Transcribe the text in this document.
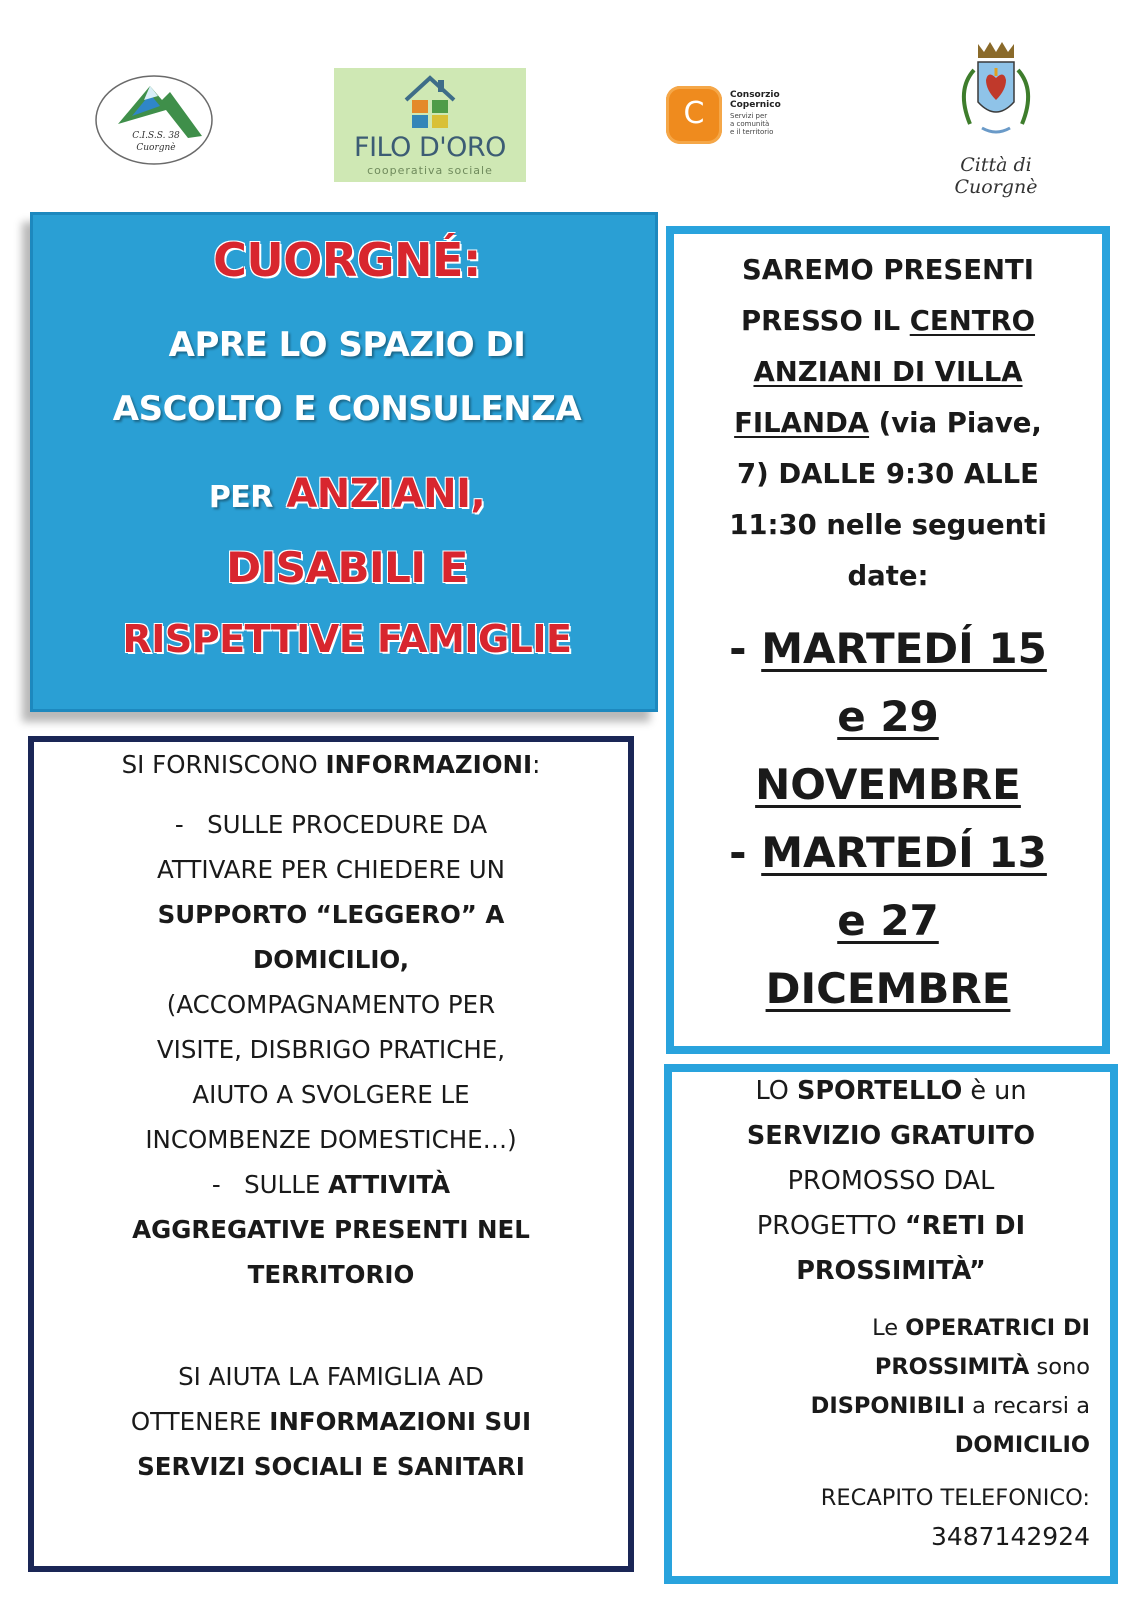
C.I.S.S. 38
Cuorgnè	FILO D'ORO
cooperativa sociale
C
Consorzio
Copernico
Servizi per
a comunità
e il territorio
Città di Cuorgnè
CUORGNÉ:
APRE LO SPAZIO DI
ASCOLTO E CONSULENZA
PER ANZIANI,
DISABILI E
RISPETTIVE FAMIGLIE
SI FORNISCONO INFORMAZIONI:
- SULLE PROCEDURE DA
ATTIVARE PER CHIEDERE UN
SUPPORTO “LEGGERO” A
DOMICILIO,
(ACCOMPAGNAMENTO PER
VISITE, DISBRIGO PRATICHE,
AIUTO A SVOLGERE LE
INCOMBENZE DOMESTICHE…)
- SULLE ATTIVITÀ
AGGREGATIVE PRESENTI NEL
TERRITORIO
SI AIUTA LA FAMIGLIA AD
OTTENERE INFORMAZIONI SUI
SERVIZI SOCIALI E SANITARI
SAREMO PRESENTI
PRESSO IL CENTRO
ANZIANI DI VILLA
FILANDA (via Piave,
7) DALLE 9:30 ALLE
11:30 nelle seguenti
date:
- MARTEDÍ 15
e 29
NOVEMBRE
- MARTEDÍ 13
e 27
DICEMBRE
LO SPORTELLO è un
SERVIZIO GRATUITO
PROMOSSO DAL
PROGETTO “RETI DI
PROSSIMITÀ”
Le OPERATRICI DI
PROSSIMITÀ sono
DISPONIBILI a recarsi a
DOMICILIO
RECAPITO TELEFONICO:
3487142924
